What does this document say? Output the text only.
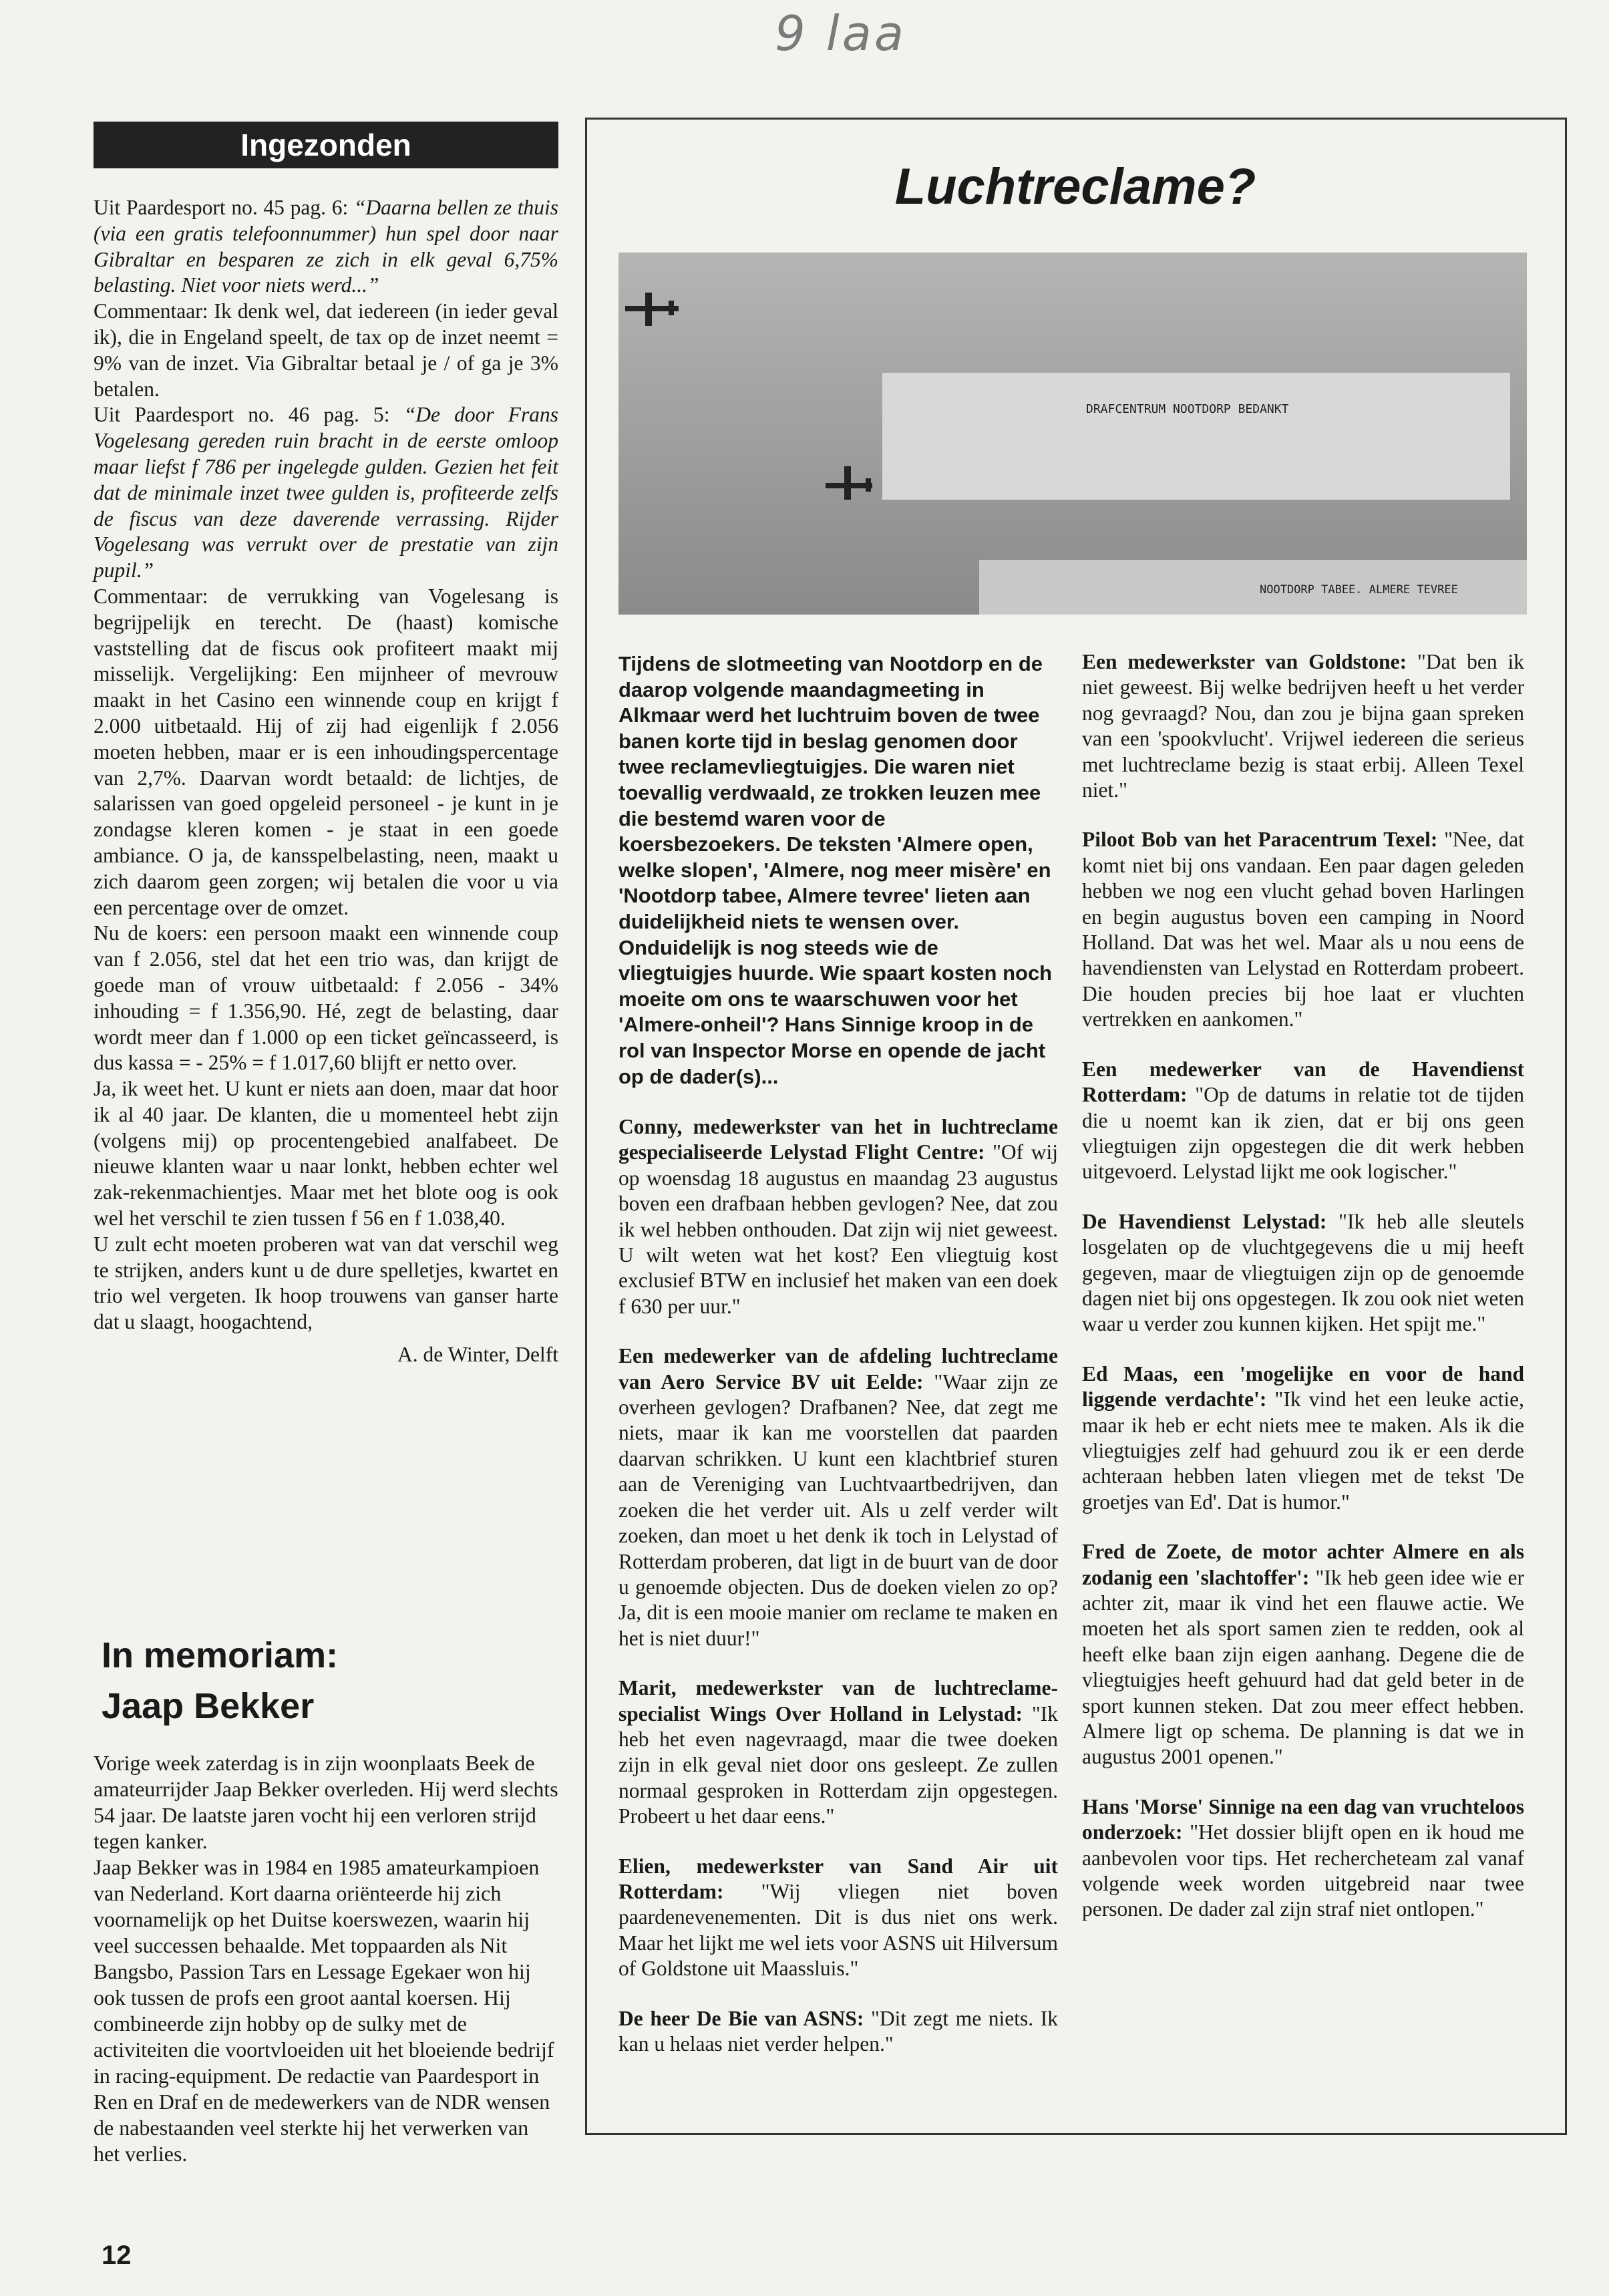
9 laa
Ingezonden

Uit Paardesport no. 45 pag. 6: “Daarna bellen ze thuis (via een gratis telefoonnummer) hun spel door naar Gibraltar en besparen ze zich in elk geval 6,75% belasting. Niet voor niets werd...”

Commentaar: Ik denk wel, dat iedereen (in ieder geval ik), die in Engeland speelt, de tax op de inzet neemt = 9% van de inzet. Via Gibraltar betaal je / of ga je 3% betalen.

Uit Paardesport no. 46 pag. 5: “De door Frans Vogelesang gereden ruin bracht in de eerste omloop maar liefst f 786 per ingelegde gulden. Gezien het feit dat de minimale inzet twee gulden is, profiteerde zelfs de fiscus van deze daverende verrassing. Rijder Vogelesang was verrukt over de prestatie van zijn pupil.”

Commentaar: de verrukking van Vogelesang is begrijpelijk en terecht. De (haast) komische vaststelling dat de fiscus ook profiteert maakt mij misselijk. Vergelijking: Een mijnheer of mevrouw maakt in het Casino een winnende coup en krijgt f 2.000 uitbetaald. Hij of zij had eigenlijk f 2.056 moeten hebben, maar er is een inhoudingspercentage van 2,7%. Daarvan wordt betaald: de lichtjes, de salarissen van goed opgeleid personeel - je kunt in je zondagse kleren komen - je staat in een goede ambiance. O ja, de kansspelbelasting, neen, maakt u zich daarom geen zorgen; wij betalen die voor u via een percentage over de omzet.

Nu de koers: een persoon maakt een winnende coup van f 2.056, stel dat het een trio was, dan krijgt de goede man of vrouw uitbetaald: f 2.056 - 34% inhouding = f 1.356,90. Hé, zegt de belasting, daar wordt meer dan f 1.000 op een ticket geïncasseerd, is dus kassa = - 25% = f 1.017,60 blijft er netto over.

Ja, ik weet het. U kunt er niets aan doen, maar dat hoor ik al 40 jaar. De klanten, die u momenteel hebt zijn (volgens mij) op procentengebied analfabeet. De nieuwe klanten waar u naar lonkt, hebben echter wel zak-rekenmachientjes. Maar met het blote oog is ook wel het verschil te zien tussen f 56 en f 1.038,40.

U zult echt moeten proberen wat van dat verschil weg te strijken, anders kunt u de dure spelletjes, kwartet en trio wel vergeten. Ik hoop trouwens van ganser harte dat u slaagt, hoogachtend,

A. de Winter, Delft

In memoriam:
Jaap Bekker

Vorige week zaterdag is in zijn woonplaats Beek de amateurrijder Jaap Bekker overleden. Hij werd slechts 54 jaar. De laatste jaren vocht hij een verloren strijd tegen kanker.

Jaap Bekker was in 1984 en 1985 amateurkampioen van Nederland. Kort daarna oriënteerde hij zich voornamelijk op het Duitse koerswezen, waarin hij veel successen behaalde. Met toppaarden als Nit Bangsbo, Passion Tars en Lessage Egekaer won hij ook tussen de profs een groot aantal koersen. Hij combineerde zijn hobby op de sulky met de activiteiten die voortvloeiden uit het bloeiende bedrijf in racing-equipment. De redactie van Paardesport in Ren en Draf en de medewerkers van de NDR wensen de nabestaanden veel sterkte hij het verwerken van het verlies.

12
Luchtreclame?
DRAFCENTRUM NOOTDORP BEDANKT
NOOTDORP TABEE. ALMERE TEVREE

Tijdens de slotmeeting van Nootdorp en de daarop volgende maandagmeeting in Alkmaar werd het luchtruim boven de twee banen korte tijd in beslag genomen door twee reclamevliegtuigjes. Die waren niet toevallig verdwaald, ze trokken leuzen mee die bestemd waren voor de koersbezoekers. De teksten 'Almere open, welke slopen', 'Almere, nog meer misère' en 'Nootdorp tabee, Almere tevree' lieten aan duidelijkheid niets te wensen over. Onduidelijk is nog steeds wie de vliegtuigjes huurde. Wie spaart kosten noch moeite om ons te waarschuwen voor het 'Almere-onheil'? Hans Sinnige kroop in de rol van Inspector Morse en opende de jacht op de dader(s)...

Conny, medewerkster van het in luchtreclame gespecialiseerde Lelystad Flight Centre: "Of wij op woensdag 18 augustus en maandag 23 augustus boven een drafbaan hebben gevlogen? Nee, dat zou ik wel hebben onthouden. Dat zijn wij niet geweest. U wilt weten wat het kost? Een vliegtuig kost exclusief BTW en inclusief het maken van een doek f 630 per uur."

Een medewerker van de afdeling luchtreclame van Aero Service BV uit Eelde: "Waar zijn ze overheen gevlogen? Drafbanen? Nee, dat zegt me niets, maar ik kan me voorstellen dat paarden daarvan schrikken. U kunt een klachtbrief sturen aan de Vereniging van Luchtvaartbedrijven, dan zoeken die het verder uit. Als u zelf verder wilt zoeken, dan moet u het denk ik toch in Lelystad of Rotterdam proberen, dat ligt in de buurt van de door u genoemde objecten. Dus de doeken vielen zo op? Ja, dit is een mooie manier om reclame te maken en het is niet duur!"

Marit, medewerkster van de luchtreclame-specialist Wings Over Holland in Lelystad: "Ik heb het even nagevraagd, maar die twee doeken zijn in elk geval niet door ons gesleept. Ze zullen normaal gesproken in Rotterdam zijn opgestegen. Probeert u het daar eens."

Elien, medewerkster van Sand Air uit Rotterdam: "Wij vliegen niet boven paardenevenementen. Dit is dus niet ons werk. Maar het lijkt me wel iets voor ASNS uit Hilversum of Goldstone uit Maassluis."

De heer De Bie van ASNS: "Dit zegt me niets. Ik kan u helaas niet verder helpen."

Een medewerkster van Goldstone: "Dat ben ik niet geweest. Bij welke bedrijven heeft u het verder nog gevraagd? Nou, dan zou je bijna gaan spreken van een 'spookvlucht'. Vrijwel iedereen die serieus met luchtreclame bezig is staat erbij. Alleen Texel niet."

Piloot Bob van het Paracentrum Texel: "Nee, dat komt niet bij ons vandaan. Een paar dagen geleden hebben we nog een vlucht gehad boven Harlingen en begin augustus boven een camping in Noord Holland. Dat was het wel. Maar als u nou eens de havendiensten van Lelystad en Rotterdam probeert. Die houden precies bij hoe laat er vluchten vertrekken en aankomen."

Een medewerker van de Havendienst Rotterdam: "Op de datums in relatie tot de tijden die u noemt kan ik zien, dat er bij ons geen vliegtuigen zijn opgestegen die dit werk hebben uitgevoerd. Lelystad lijkt me ook logischer."

De Havendienst Lelystad: "Ik heb alle sleutels losgelaten op de vluchtgegevens die u mij heeft gegeven, maar de vliegtuigen zijn op de genoemde dagen niet bij ons opgestegen. Ik zou ook niet weten waar u verder zou kunnen kijken. Het spijt me."

Ed Maas, een 'mogelijke en voor de hand liggende verdachte': "Ik vind het een leuke actie, maar ik heb er echt niets mee te maken. Als ik die vliegtuigjes zelf had gehuurd zou ik er een derde achteraan hebben laten vliegen met de tekst 'De groetjes van Ed'. Dat is humor."

Fred de Zoete, de motor achter Almere en als zodanig een 'slachtoffer': "Ik heb geen idee wie er achter zit, maar ik vind het een flauwe actie. We moeten het als sport samen zien te redden, ook al heeft elke baan zijn eigen aanhang. Degene die de vliegtuigjes heeft gehuurd had dat geld beter in de sport kunnen steken. Dat zou meer effect hebben. Almere ligt op schema. De planning is dat we in augustus 2001 openen."

Hans 'Morse' Sinnige na een dag van vruchteloos onderzoek: "Het dossier blijft open en ik houd me aanbevolen voor tips. Het rechercheteam zal vanaf volgende week worden uitgebreid naar twee personen. De dader zal zijn straf niet ontlopen."
